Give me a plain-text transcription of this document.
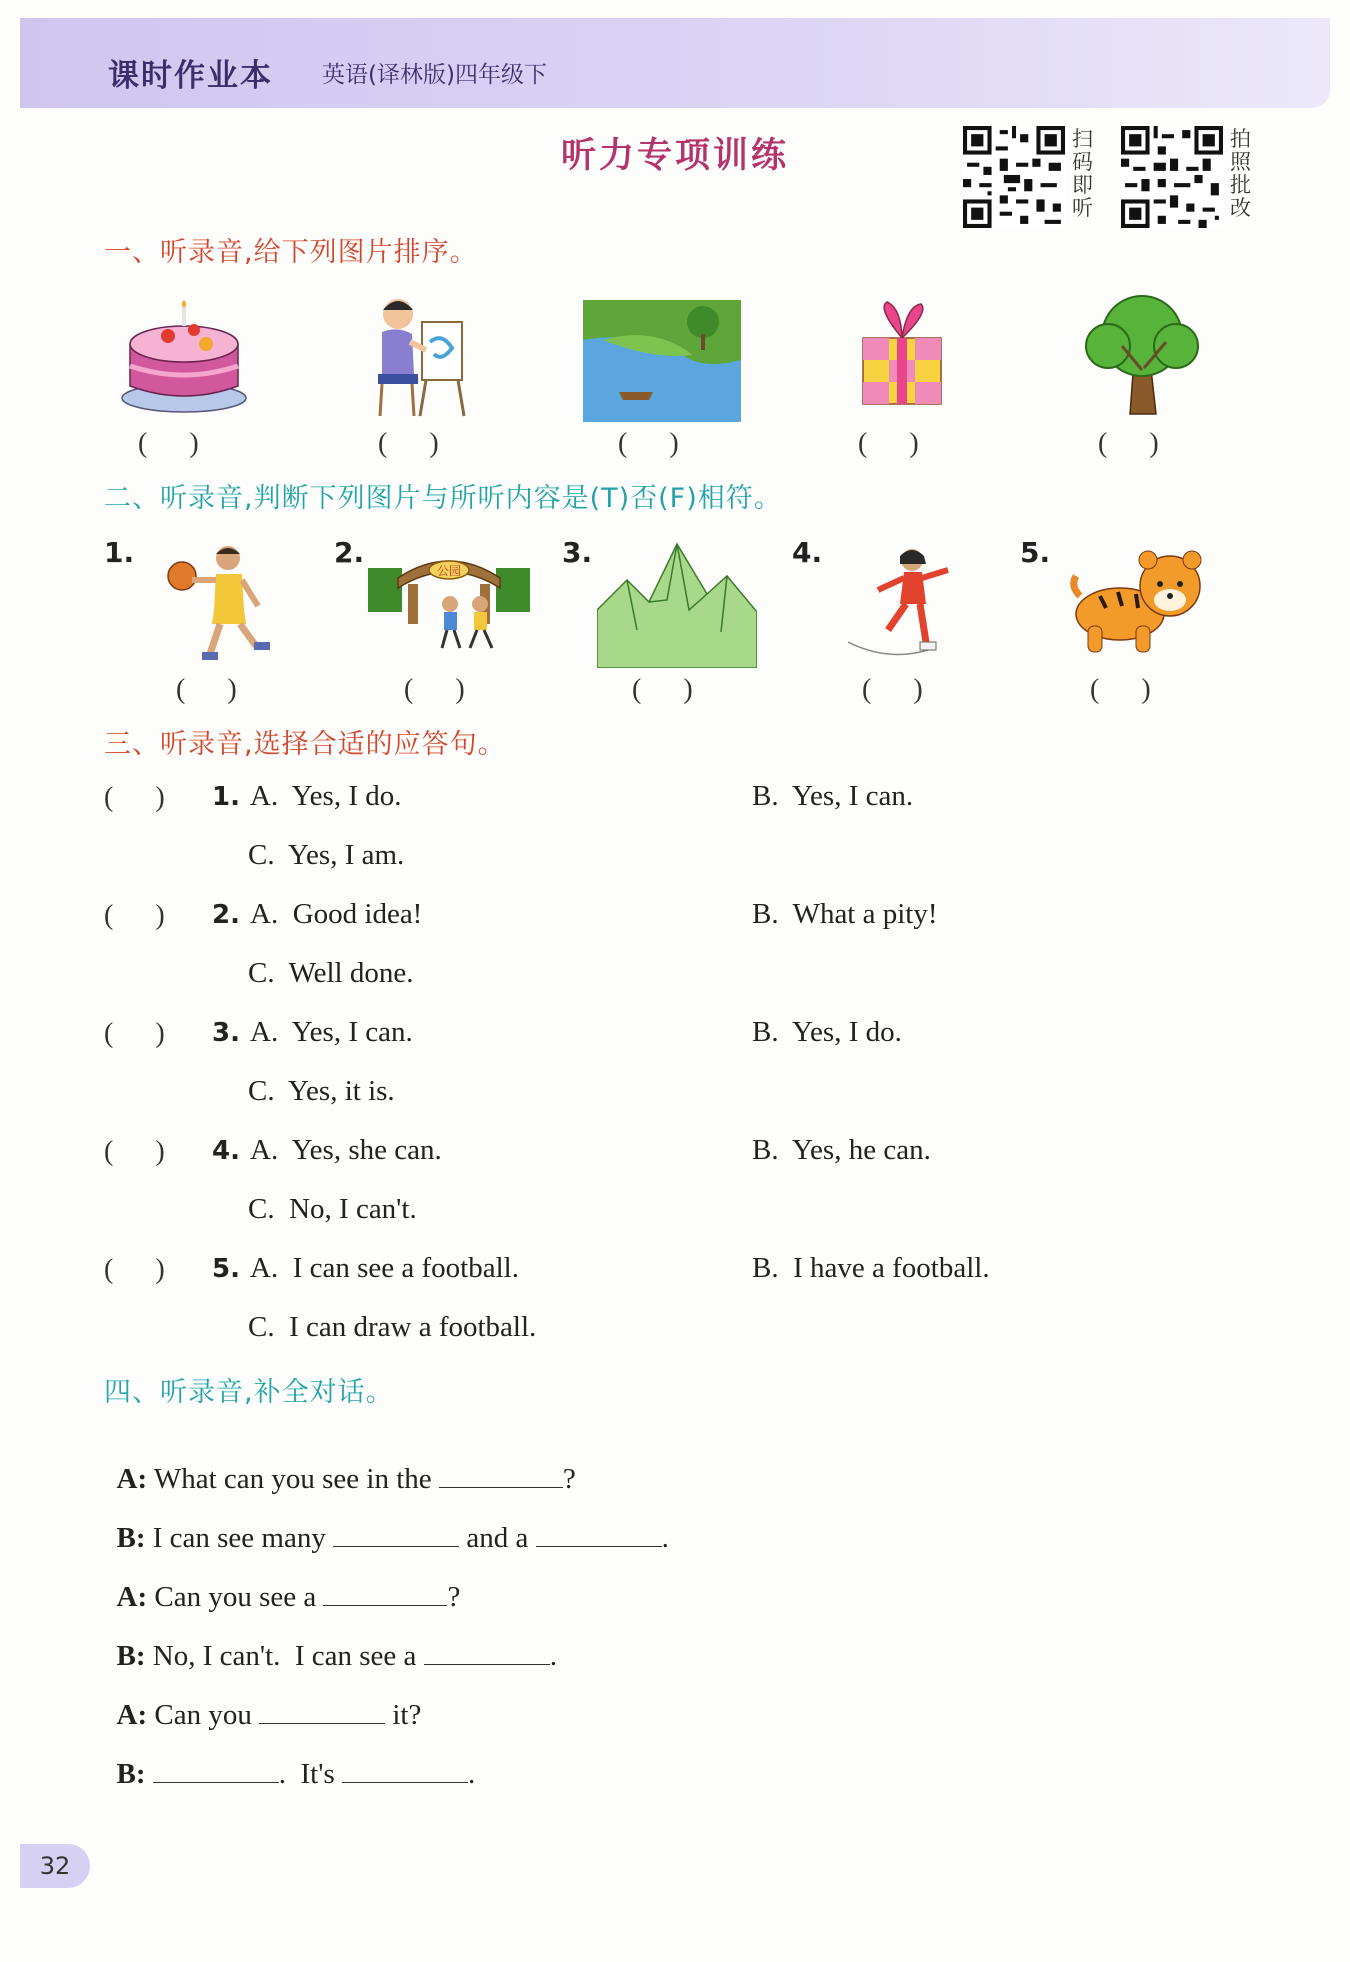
课时作业本 英语(译林版)四年级下
听力专项训练	扫码即听
拍照批改
一、听录音,给下列图片排序。
(      )	(      )	(      )	(      )	(      )
二、听录音,判断下列图片与所听内容是(T)否(F)相符。
1.	2.	3.	4.	5.
公园
(      )	(      )	(      )	(      )	(      )
三、听录音,选择合适的应答句。
(      ) 1. A.  Yes, I do.	B.  Yes, I can.
C.  Yes, I am.
(      ) 2. A.  Good idea!	B.  What a pity!
C.  Well done.
(      ) 3. A.  Yes, I can.	B.  Yes, I do.
C.  Yes, it is.
(      ) 4. A.  Yes, she can.	B.  Yes, he can.
C.  No, I can't.
(      ) 5. A.  I can see a football.	B.  I have a football.
C.  I can draw a football.
四、听录音,补全对话。

A: What can you see in the	?

B: I can see many	and a	.

A: Can you see a	?

B: No, I can't.  I can see a	.

A: Can you	it?

B:	.  It's	.

32
